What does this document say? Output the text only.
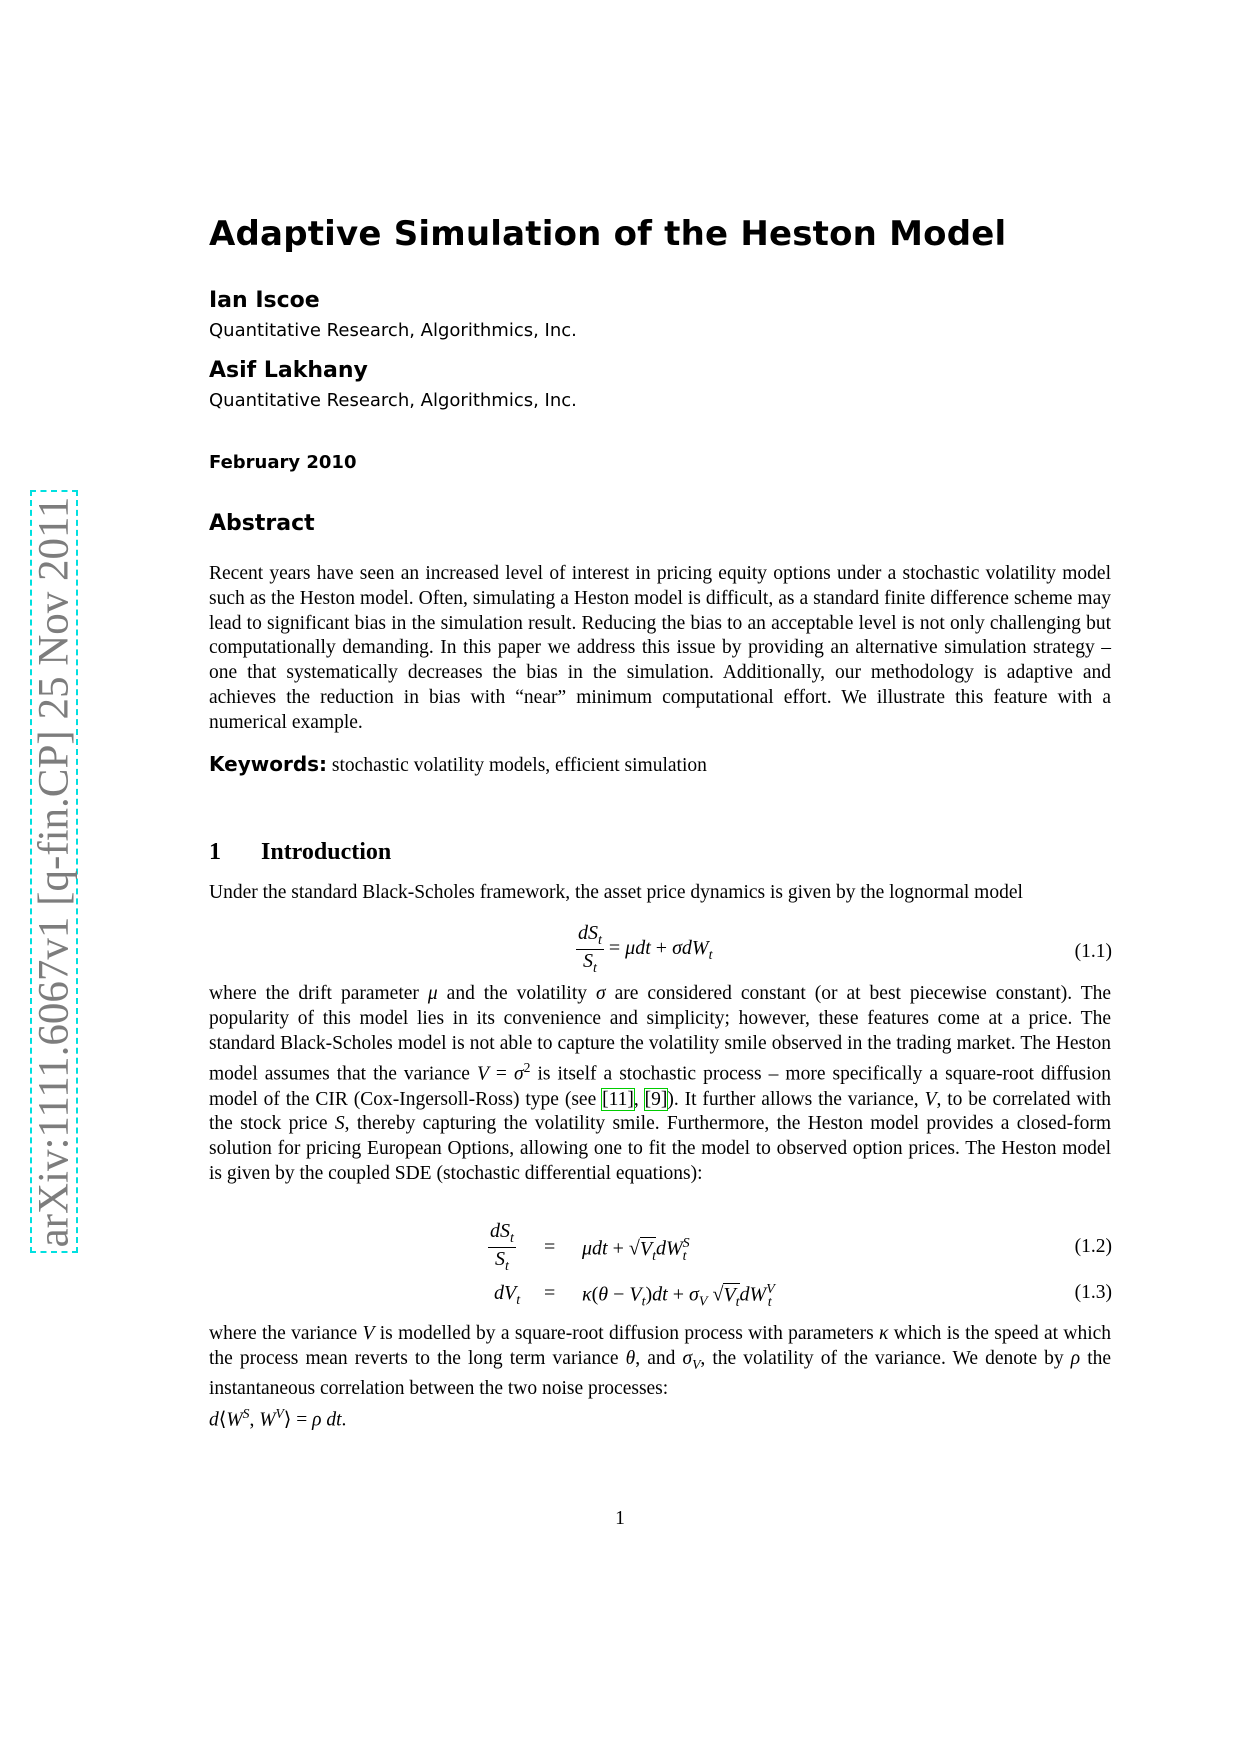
arXiv:1111.6067v1 [q-fin.CP] 25 Nov 2011
Adaptive Simulation of the Heston Model
Ian Iscoe
Quantitative Research, Algorithmics, Inc.
Asif Lakhany
Quantitative Research, Algorithmics, Inc.
February 2010
Abstract
Recent years have seen an increased level of interest in pricing equity options under a stochastic volatility model such as the Heston model. Often, simulating a Heston model is difficult, as a standard finite difference scheme may lead to significant bias in the simulation result. Reducing the bias to an acceptable level is not only challenging but computationally demanding. In this paper we address this issue by providing an alternative simulation strategy – one that systematically decreases the bias in the simulation. Additionally, our methodology is adaptive and achieves the reduction in bias with “near” minimum computational effort. We illustrate this feature with a numerical example.
Keywords: stochastic volatility models, efficient simulation
1 Introduction
Under the standard Black-Scholes framework, the asset price dynamics is given by the lognormal model
$\frac{dS_t}{S_t} = \mu dt + \sigma dW_t$	(1.1)
where the drift parameter μ and the volatility σ are considered constant (or at best piecewise constant). The popularity of this model lies in its convenience and simplicity; however, these features come at a price. The standard Black-Scholes model is not able to capture the volatility smile observed in the trading market. The Heston model assumes that the variance $V = \sigma^2$ is itself a stochastic process – more specifically a square-root diffusion model of the CIR (Cox-Ingersoll-Ross) type (see [11], [9]). It further allows the variance, V, to be correlated with the stock price S, thereby capturing the volatility smile. Furthermore, the Heston model provides a closed-form solution for pricing European Options, allowing one to fit the model to observed option prices. The Heston model is given by the coupled SDE (stochastic differential equations):
$\frac{dS_t}{S_t} = \mu dt + √V_tdW^S_t$	(1.2)
$dV_t = \kappa(\theta - V_t)dt + \sigma_V$ $√V_tdW^V_t$	(1.3)
where the variance V is modelled by a square-root diffusion process with parameters κ which is the speed at which the process mean reverts to the long term variance θ, and $\sigma_V$, the volatility of the variance. We denote by ρ the instantaneous correlation between the two noise processes:
$d⟨W^S$, $W^V⟩ = \rho$ dt.
1
